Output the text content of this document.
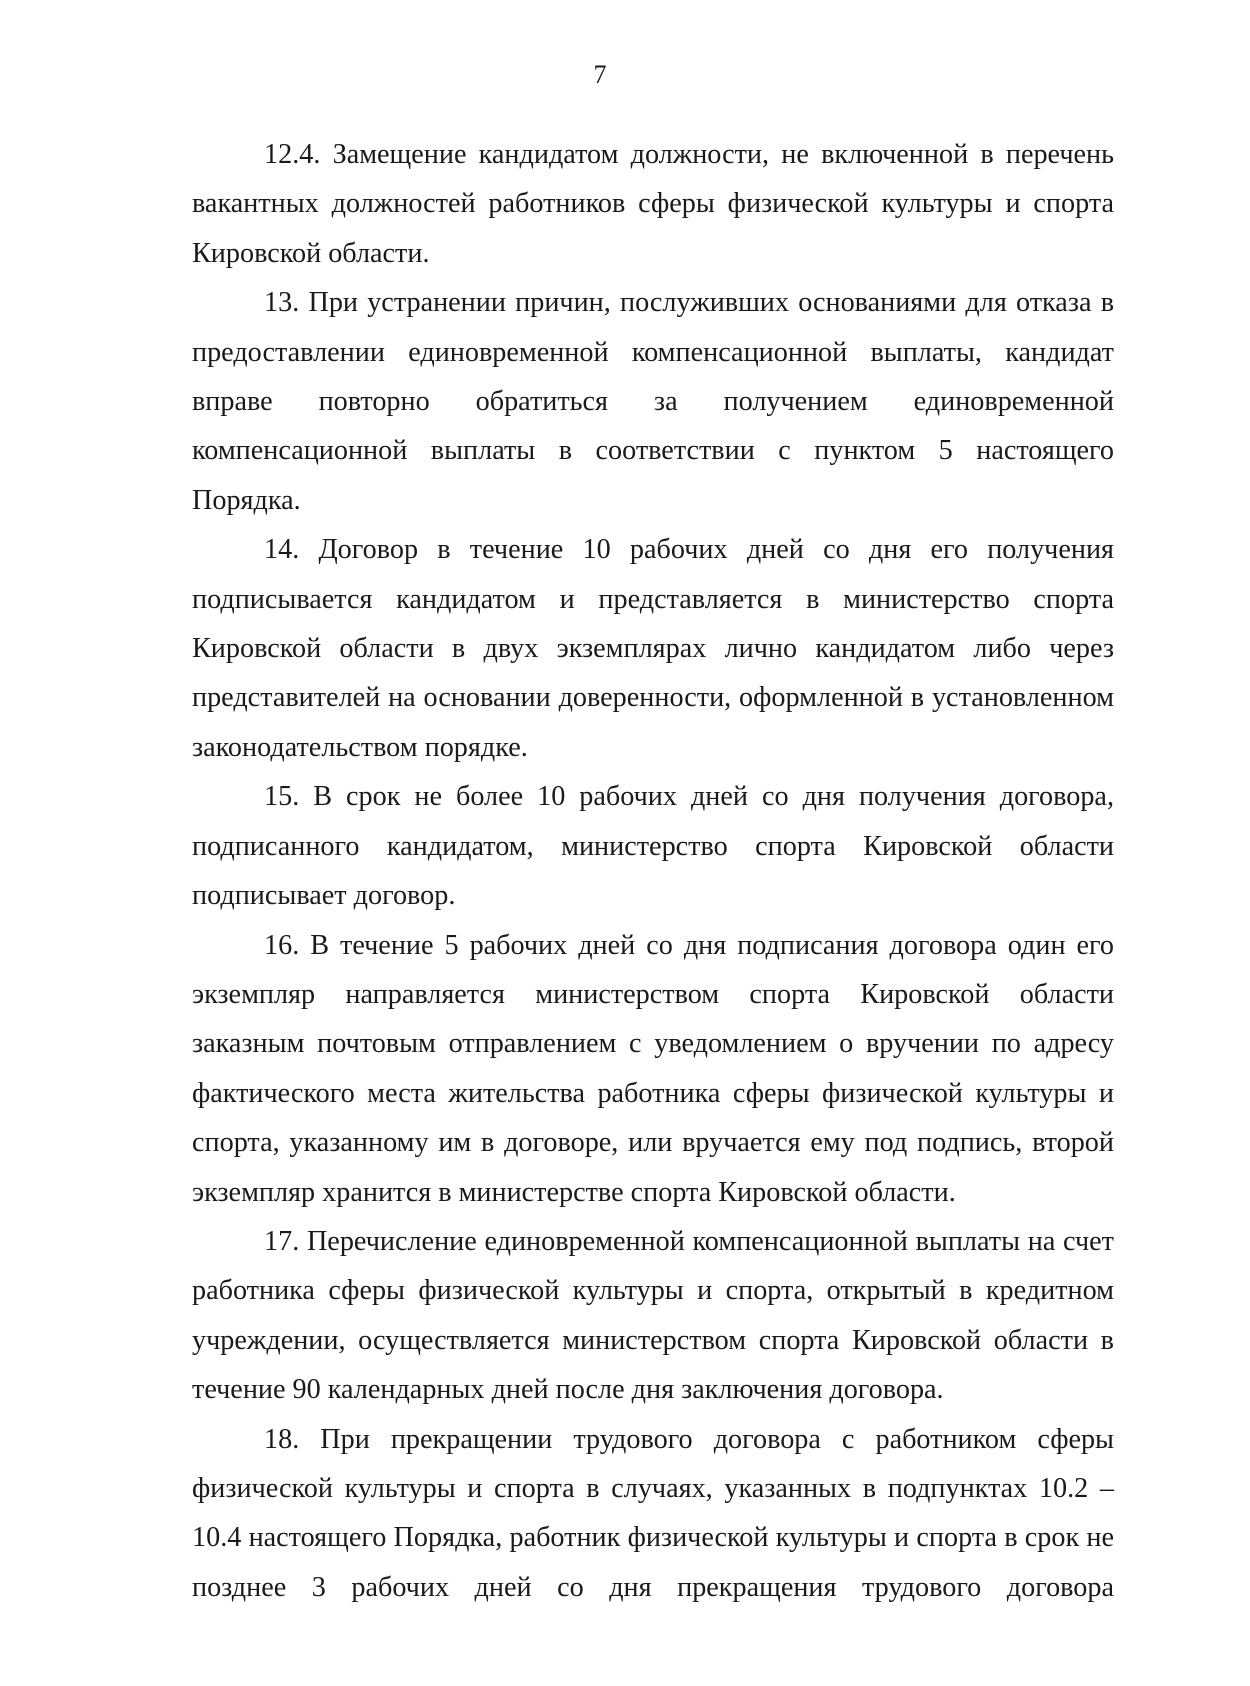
7

12.4. Замещение кандидатом должности, не включенной в перечень вакантных должностей работников сферы физической культуры и спорта Кировской области.

13. При устранении причин, послуживших основаниями для отказа в предоставлении единовременной компенсационной выплаты, кандидат вправе повторно обратиться за получением единовременной компенсационной выплаты в соответствии с пунктом 5 настоящего Порядка.

14. Договор в течение 10 рабочих дней со дня его получения подписывается кандидатом и представляется в министерство спорта Кировской области в двух экземплярах лично кандидатом либо через представителей на основании доверенности, оформленной в установленном законодательством порядке.

15. В срок не более 10 рабочих дней со дня получения договора, подписанного кандидатом, министерство спорта Кировской области подписывает договор.

16. В течение 5 рабочих дней со дня подписания договора один его экземпляр направляется министерством спорта Кировской области заказным почтовым отправлением с уведомлением о вручении по адресу фактического места жительства работника сферы физической культуры и спорта, указанному им в договоре, или вручается ему под подпись, второй экземпляр хранится в министерстве спорта Кировской области.

17. Перечисление единовременной компенсационной выплаты на счет работника сферы физической культуры и спорта, открытый в кредитном учреждении, осуществляется министерством спорта Кировской области в течение 90 календарных дней после дня заключения договора.

18. При прекращении трудового договора с работником сферы физической культуры и спорта в случаях, указанных в подпунктах 10.2 – 10.4 настоящего Порядка, работник физической культуры и спорта в срок не позднее 3 рабочих дней со дня прекращения трудового договора
